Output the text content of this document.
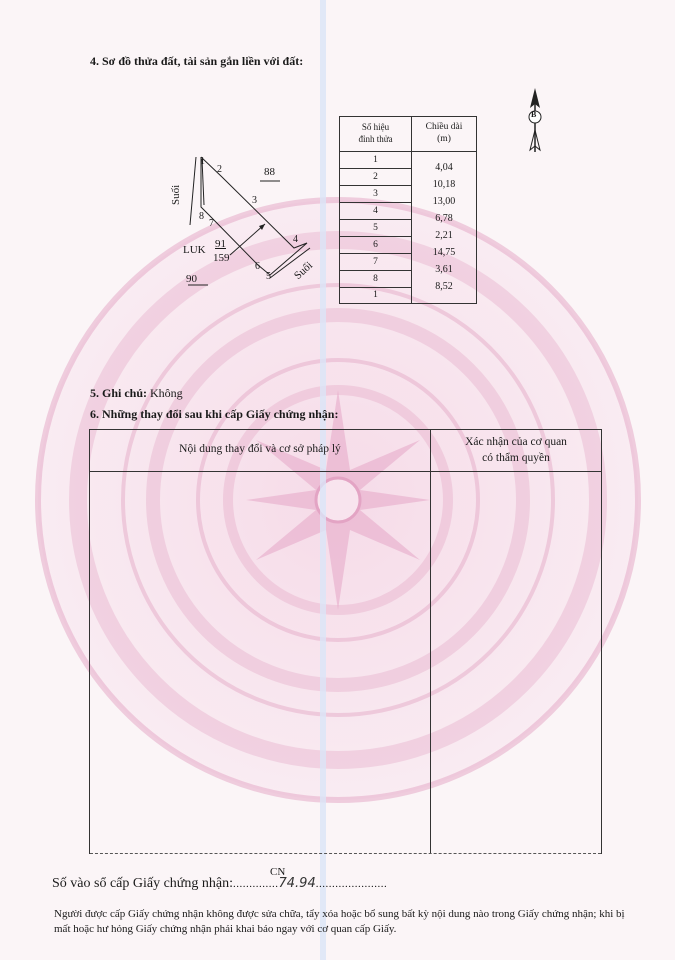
4. Sơ đồ thửa đất, tài sản gắn liền với đất:
1
2
3
4
5
6
7
8
Suối
Suối
88
90
LUK 91
159
Số hiệu
đỉnh thửa
Chiều dài
(m)
1
2
3
4
5
6
7
8
1
4,04
10,18
13,00
6,78
2,21
14,75
3,61
8,52
B
5. Ghi chú: Không
6. Những thay đổi sau khi cấp Giấy chứng nhận:
Nội dung thay đổi và cơ sở pháp lý
Xác nhận của cơ quan
có thẩm quyền
CN
Số vào sổ cấp Giấy chứng nhận:..............74.94......................
Người được cấp Giấy chứng nhận không được sửa chữa, tẩy xóa hoặc bổ sung bất kỳ nội dung nào trong Giấy chứng nhận; khi bị mất hoặc hư hỏng Giấy chứng nhận phải khai báo ngay với cơ quan cấp Giấy.
